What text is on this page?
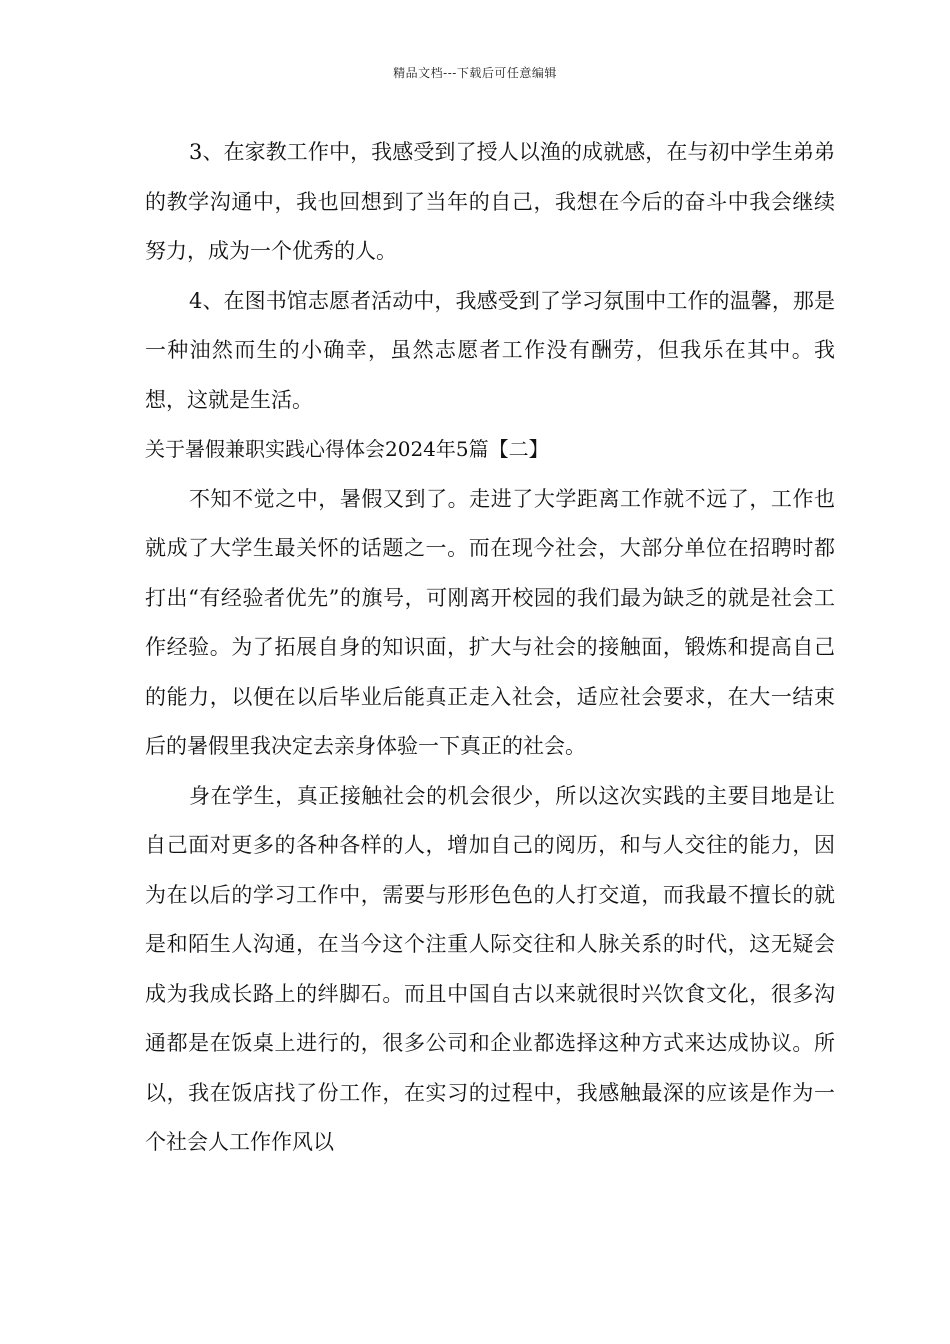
精品文档---下载后可任意编辑

3、在家教工作中，我感受到了授人以渔的成就感，在与初中学生弟弟的教学沟通中，我也回想到了当年的自己，我想在今后的奋斗中我会继续努力，成为一个优秀的人。

4、在图书馆志愿者活动中，我感受到了学习氛围中工作的温馨，那是一种油然而生的小确幸，虽然志愿者工作没有酬劳，但我乐在其中。我想，这就是生活。

关于暑假兼职实践心得体会2024年5篇【二】

不知不觉之中，暑假又到了。走进了大学距离工作就不远了，工作也就成了大学生最关怀的话题之一。而在现今社会，大部分单位在招聘时都打出“有经验者优先”的旗号，可刚离开校园的我们最为缺乏的就是社会工作经验。为了拓展自身的知识面，扩大与社会的接触面，锻炼和提高自己的能力，以便在以后毕业后能真正走入社会，适应社会要求，在大一结束后的暑假里我决定去亲身体验一下真正的社会。

身在学生，真正接触社会的机会很少，所以这次实践的主要目地是让自己面对更多的各种各样的人，增加自己的阅历，和与人交往的能力，因为在以后的学习工作中，需要与形形色色的人打交道，而我最不擅长的就是和陌生人沟通，在当今这个注重人际交往和人脉关系的时代，这无疑会成为我成长路上的绊脚石。而且中国自古以来就很时兴饮食文化，很多沟通都是在饭桌上进行的，很多公司和企业都选择这种方式来达成协议。所以，我在饭店找了份工作，在实习的过程中，我感触最深的应该是作为一个社会人工作作风以
